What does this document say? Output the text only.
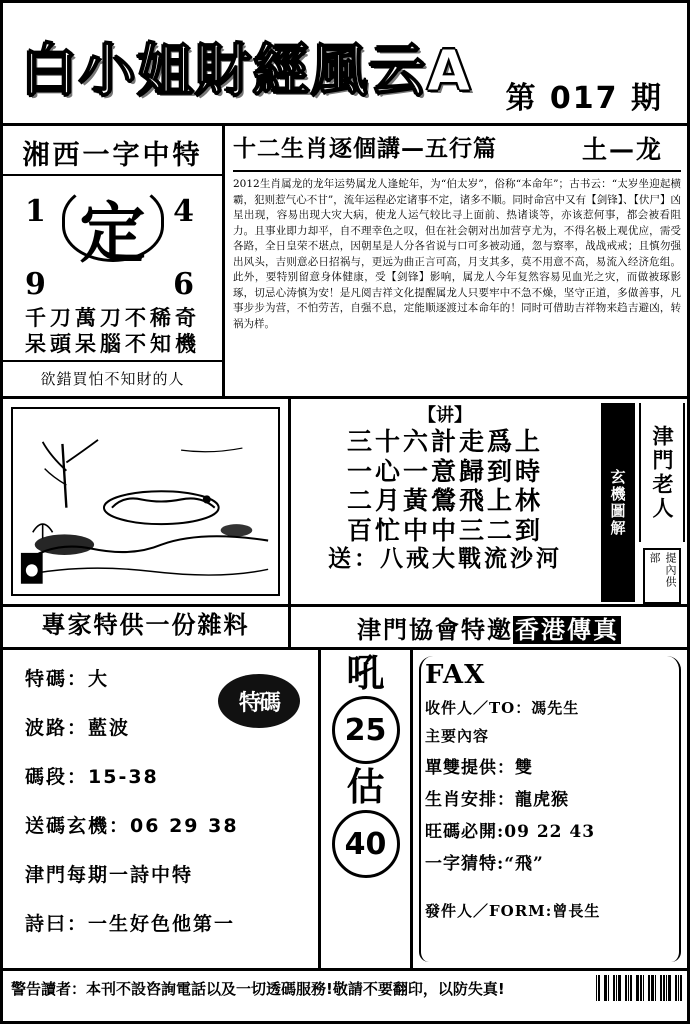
白小姐財經風云A 第 017 期
湘西一字中特
1	4
9	6
定
千刀萬刀不稀奇
呆頭呆腦不知機
欲錯買怕不知財的人
十二生肖逐個講—五行篇	土—龙
2012生肖属龙的龙年运势属龙人逢蛇年，为“伯太岁”，俗称“本命年”；古书云：“太岁坐迎起横霸，犯则惹气心不甘”，流年运程必定诸事不定，诸多不顺。同时命宫中又有【剑锋】、【伏尸】凶星出现，容易出现大灾大病，使龙人运气较比寻上面前、热诸谈等，亦该惹何事，都会被看阻力。且事业即力却平，自不理幸色之叹，但在社会朝对出加营亨尤为，不得名极上观优应，需受各路，全日皇荣不堪点，因朝星是人分各省说与口可多被动通，忽与察率，战战戒戒；且慎勿强出风头，吉则意必日招祸与，更远为曲正言可高，月支其多，莫不用意不高，易流入经济危组。此外，要特别留意身体健康，受【剑锋】影响，属龙人今年复然容易见血光之灾，而做被琢影琢，切忌心涛慎为安！是凡阅吉祥文化提醒属龙人只要牢中不急不燥，坚守正道，多做善事，凡事步步为营，不怕劳苦，自强不息，定能顺逐渡过本命年的！同时可借助吉祥物来趋吉避凶，转祸为样。
【讲】
三十六計走爲上
一心一意歸到時
二月黃鶯飛上林
百忙中中三二到
送：八戒大戰流沙河
玄機圖解	津門老人
提內供部
專家特供一份雜料	津門協會特邀香港傳真
特碼：大
波路：藍波
碼段：15-38
送碼玄機：06 29 38
津門每期一詩中特
詩曰：一生好色他第一
特碼
吼
25
估
40
FAX
收件人／TO：馮先生
主要內容
單雙提供：雙
生肖安排：龍虎猴
旺碼必開:09 22 43
一字猜特:“飛”
發件人／FORM:曾長生
警告讀者：本刊不設咨詢電話以及一切透碼服務!敬請不要翻印，以防失真!
